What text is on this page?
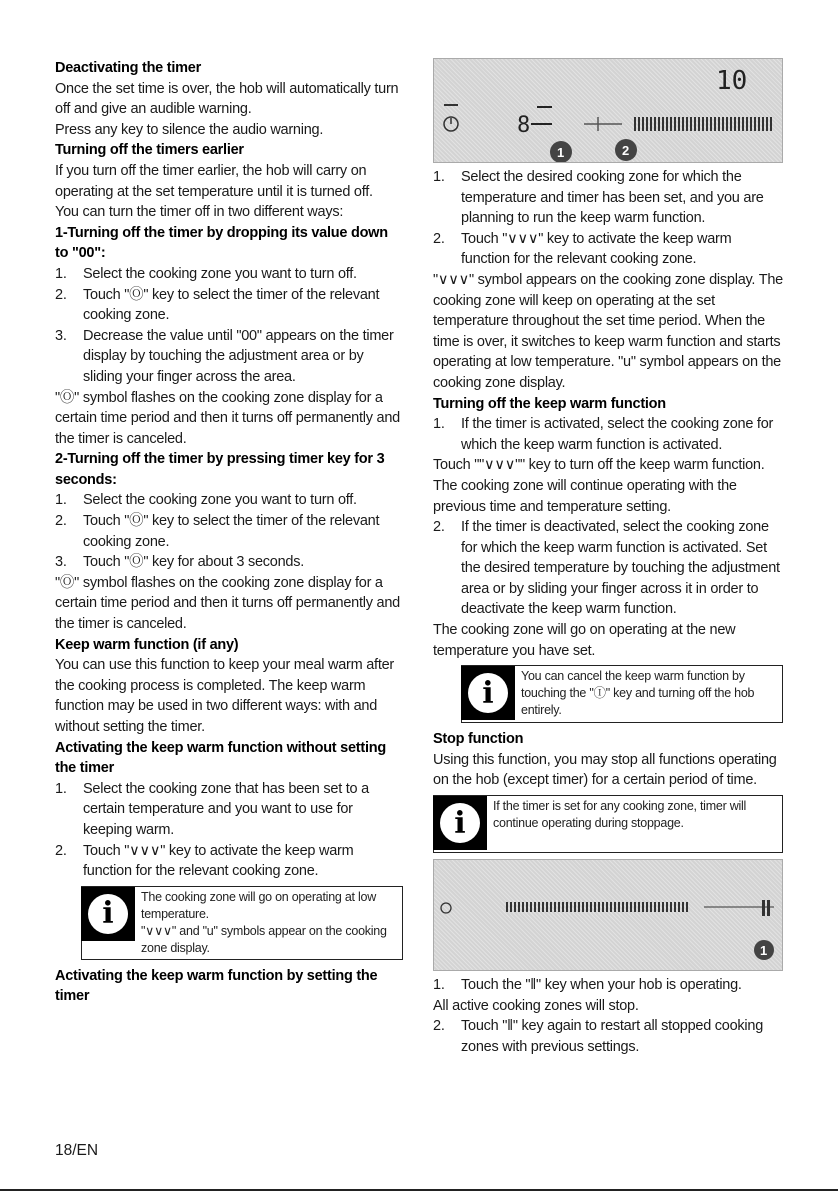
Deactivating the timer

Once the set time is over, the hob will automatically turn off and give an audible warning.

Press any key to silence the audio warning.

Turning off the timers earlier

If you turn off the timer earlier, the hob will carry on operating at the set temperature until it is turned off.

You can turn the timer off in two different ways:

1-Turning off the timer by dropping its value down to "00":
1.	Select the cooking zone you want to turn off.
2.	Touch "Ⓞ" key to select the timer of the relevant cooking zone.
3.	Decrease the value until "00" appears on the timer display by touching the adjustment area or by sliding your finger across the area.

"Ⓞ" symbol flashes on the cooking zone display for a certain time period and then it turns off permanently and the timer is canceled.

2-Turning off the timer by pressing timer key for 3 seconds:
1.	Select the cooking zone you want to turn off.
2.	Touch "Ⓞ" key to select the timer of the relevant cooking zone.
3.	Touch "Ⓞ" key for about 3 seconds.

"Ⓞ" symbol flashes on the cooking zone display for a certain time period and then it turns off permanently and the timer is canceled.

Keep warm function (if any)

You can use this function to keep your meal warm after the cooking process is completed. The keep warm function may be used in two different ways: with and without setting the timer.

Activating the keep warm function without setting the timer
1.	Select the cooking zone that has been set to a certain temperature and you want to use for keeping warm.
2.	Touch "∨∨∨" key to activate the keep warm function for the relevant cooking zone.
i	The cooking zone will go on operating at low temperature.

"∨∨∨" and "u" symbols appear on the cooking zone display.

Activating the keep warm function by setting the timer
10
8
1	2
1.	Select the desired cooking zone for which the temperature and timer has been set, and you are planning to run the keep warm function.
2.	Touch "∨∨∨" key to activate the keep warm function for the relevant cooking zone.

"∨∨∨" symbol appears on the cooking zone display. The cooking zone will keep on operating at the set temperature throughout the set time period. When the time is over, it switches to keep warm function and starts operating at low temperature. "u" symbol appears on the cooking zone display.

Turning off the keep warm function
1.	If the timer is activated, select the cooking zone for which the keep warm function is activated.

Touch ""∨∨∨"" key to turn off the keep warm function. The cooking zone will continue operating with the previous time and temperature setting.

2.	If the timer is deactivated, select the cooking zone for which the keep warm function is activated. Set the desired temperature by touching the adjustment area or by sliding your finger across it in order to deactivate the keep warm function.

The cooking zone will go on operating at the new temperature you have set.

i	You can cancel the keep warm function by touching the "Ⓘ" key and turning off the hob entirely.

Stop function

Using this function, you may stop all functions operating on the hob (except timer) for a certain period of time.

i	If the timer is set for any cooking zone, timer will continue operating during stoppage.

1
1.	Touch the "‖" key when your hob is operating.

All active cooking zones will stop.

2.	Touch "‖" key again to restart all stopped cooking zones with previous settings.
18/EN
